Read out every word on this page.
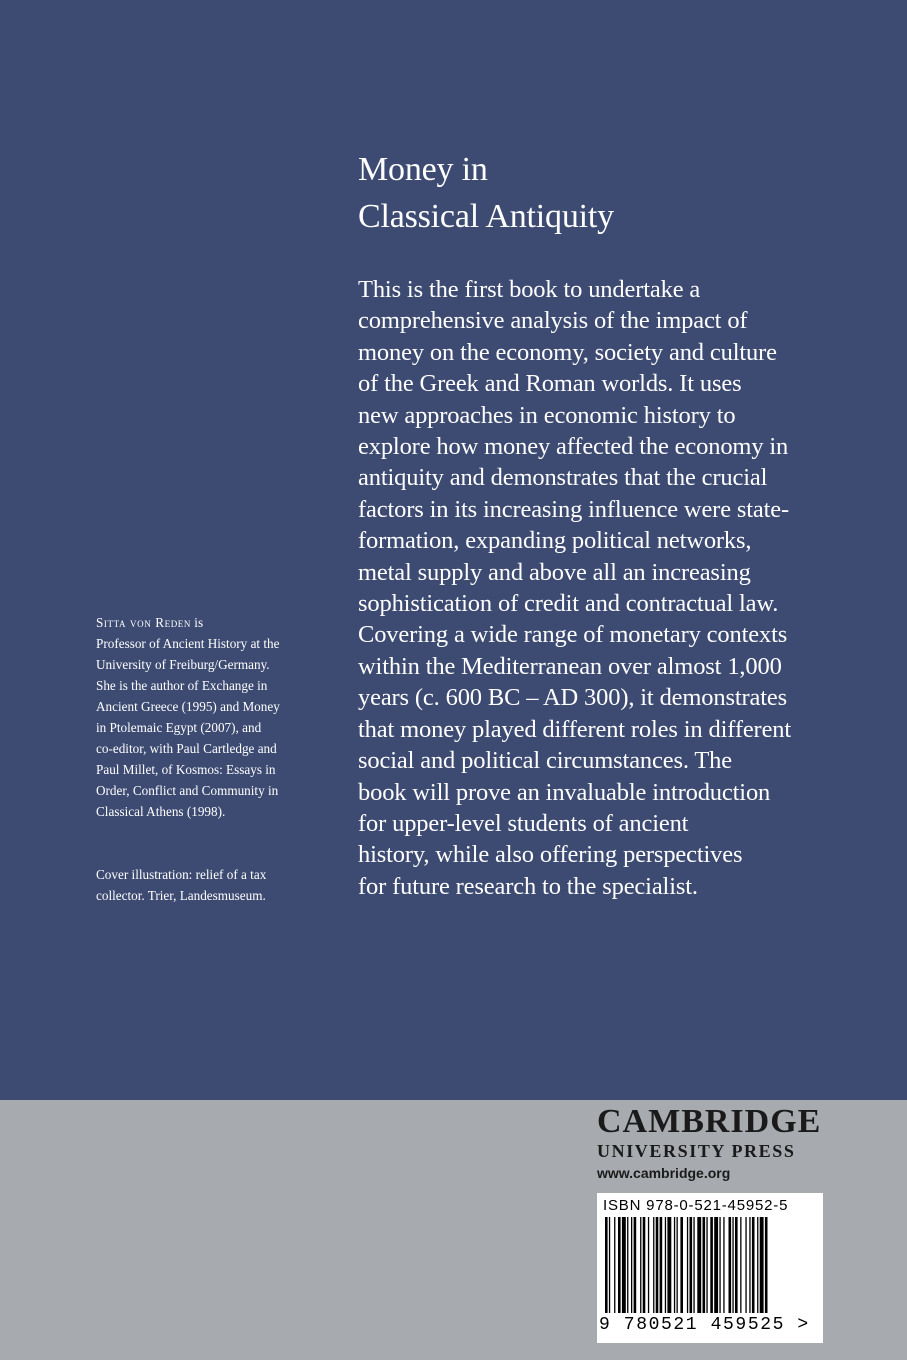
Money in
Classical Antiquity
This is the first book to undertake a
comprehensive analysis of the impact of
money on the economy, society and culture
of the Greek and Roman worlds. It uses
new approaches in economic history to
explore how money affected the economy in
antiquity and demonstrates that the crucial
factors in its increasing influence were state-
formation, expanding political networks,
metal supply and above all an increasing
sophistication of credit and contractual law.
Covering a wide range of monetary contexts
within the Mediterranean over almost 1,000
years (c. 600 BC – AD 300), it demonstrates
that money played different roles in different
social and political circumstances. The
book will prove an invaluable introduction
for upper-level students of ancient
history, while also offering perspectives
for future research to the specialist.
Sitta von Reden is
Professor of Ancient History at the
University of Freiburg/Germany.
She is the author of Exchange in
Ancient Greece (1995) and Money
in Ptolemaic Egypt (2007), and
co-editor, with Paul Cartledge and
Paul Millet, of Kosmos: Essays in
Order, Conflict and Community in
Classical Athens (1998).
Cover illustration: relief of a tax
collector. Trier, Landesmuseum.
CAMBRIDGE
UNIVERSITY PRESS
www.cambridge.org
ISBN 978-0-521-45952-5
9 780521 459525 >
